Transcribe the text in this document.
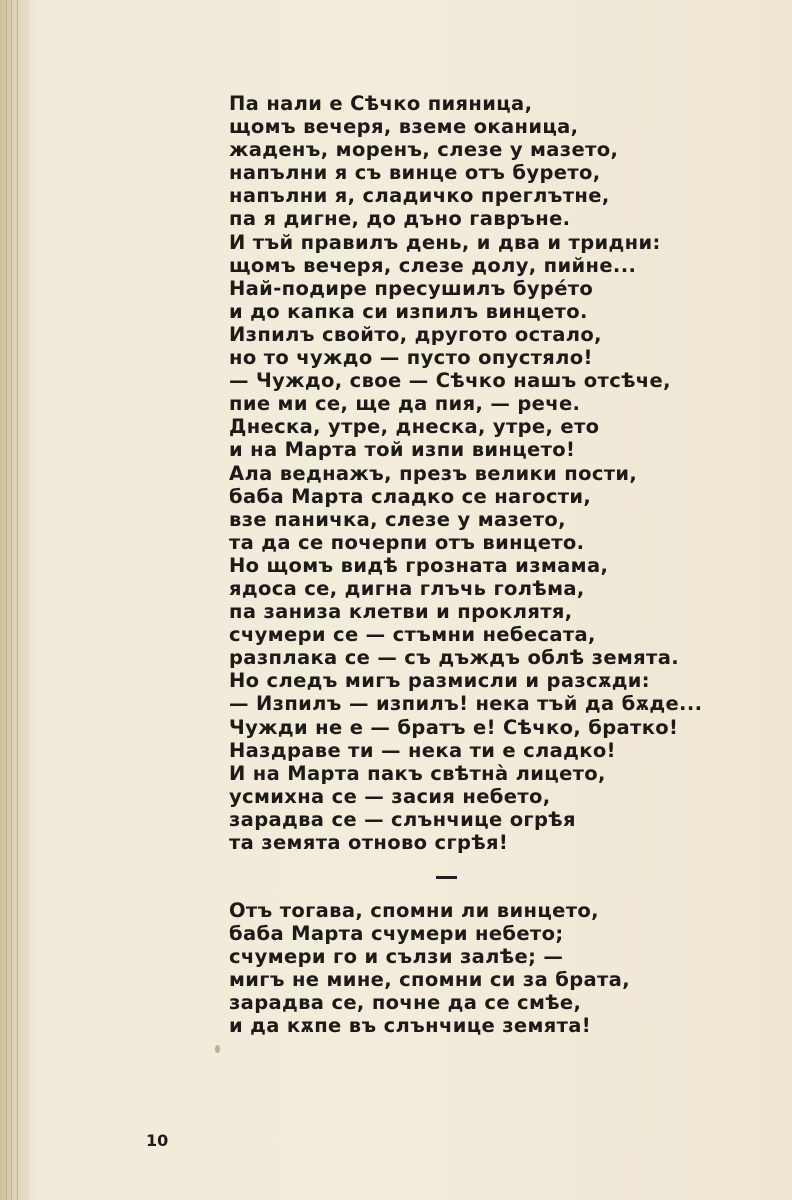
Па нали е Сѣчко пияница,
щомъ вечеря, вземе оканица,
жаденъ, моренъ, слезе у мазето,
напълни я съ винце отъ бурето,
напълни я, сладичко преглътне,
па я дигне, до дъно гавръне.
И тъй правилъ день, и два и тридни:
щомъ вечеря, слезе долу, пийне...
Най-подире пресушилъ бурéто
и до капка си изпилъ винцето.
Изпилъ свойто, другото остало,
но то чуждо — пусто опустяло!
— Чуждо, свое — Сѣчко нашъ отсѣче,
пие ми се, ще да пия, — рече.
Днеска, утре, днеска, утре, ето
и на Марта той изпи винцето!
Ала веднажъ, презъ велики пости,
баба Марта сладко се нагости,
взе паничка, слезе у мазето,
та да се почерпи отъ винцето.
Но щомъ видѣ грозната измама,
ядоса се, дигна глъчь голѣма,
па заниза клетви и проклятя,
счумери се — стъмни небесата,
разплака се — съ дъждъ облѣ земята.
Но следъ мигъ размисли и разсѫди:
— Изпилъ — изпилъ! нека тъй да бѫде...
Чужди не е — братъ е! Сѣчко, братко!
Наздраве ти — нека ти е сладко!
И на Марта пакъ свѣтнà лицето,
усмихна се — засия небето,
зарадва се — слънчице огрѣя
та земята отново сгрѣя!
Отъ тогава, спомни ли винцето,
баба Марта счумери небето;
счумери го и сълзи залѣе; —
мигъ не мине, спомни си за брата,
зарадва се, почне да се смѣе,
и да кѫпе въ слънчице земята!
10
